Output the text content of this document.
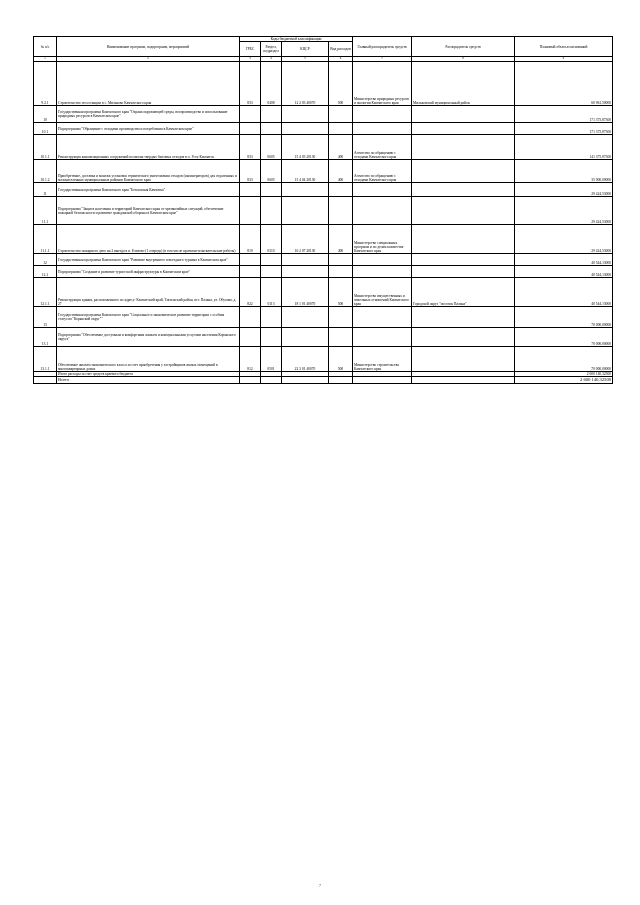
№ п/с	Наименование программ, подпрограмм, мероприятий	Коды бюджетной классификации				Главный распорядитель средств	Распорядитель средств	Плановый объем ассигнований
		ГРБС	Раздел, подраздел	КЦСР	Вид расходов			
1	2	3	4	5	6	7	8	9
9.2.1	Строительство лесостанции в с. Мильково Камчатского края	833	0408	12 2 03 40070	500	Министерство природных ресурсов и экологии Камчатского края	Мильковский муниципальный район	60 961,50000
10	Государственная программа Камчатского края "Охрана окружающей среды, воспроизводство и использование природных ресурсов в Камчатском крае"							171 375,87300
10.1	Подпрограмма "Обращение с отходами производства и потребления в Камчатском крае"							171 375,87300
10.1.1	Реконструкция канализационных сооружений полигона твердых бытовых отходов в п. Усть-Камчатск	833	0605	15 4 03 20130	400	Агентство по обращению с отходами Камчатского края		141 375,87300
10.1.2	Приобретение, доставка и монтаж установок термического уничтожения отходов (инсинераторов) для отдаленных и малонаселенных муниципальных районов Камчатского края	833	0605	15 4 04 20130	400	Агентство по обращению с отходами Камчатского края		35 000,00000
11	Государственная программа Камчатского края "Безопасная Камчатка"							29 424,53000
11.1	Подпрограмма "Защита населения и территорий Камчатского края от чрезвычайных ситуаций, обеспечение пожарной безопасности и развитие гражданской обороны в Камчатском крае"							29 424,53000
11.1.1	Строительство пожарного депо на 2 выезда в п. Елизово (1 очередь) (в том числе проектно-изыскательские работы)	810	0310	16 2 07 20130	400	Министерство специальных программ и по делам казачества Камчатского края		29 424,53000
12	Государственная программа Камчатского края "Развитие внутреннего и въездного туризма в Камчатском крае"							40 544,13000
12.1	Подпрограмма "Создание и развитие туристской инфраструктуры в Камчатском крае"							40 544,13000
12.1.1	Реконструкция здания, расположенного по адресу: Камчатский край, Тигильский район, пгт. Палана, ул. Обухова, д. 27	822	0113	18 1 01 40070	500	Министерство имущественных и земельных отношений Камчатского края	Городской округ "поселок Палана"	40 544,13000
13	Государственная программа Камчатского края "Социальное и экономическое развитие территории с особым статусом "Корякский округ""							70 000,00000
13.1	Подпрограмма "Обеспечение доступным и комфортным жильем и коммунальными услугами населения Корякского округа"							70 000,00000
13.1.1	Обеспечение жильем экономического класса за счет приобретения у застройщиков жилых помещений в многоквартирных домах	812	0501	22 3 01 40070	500	Министерство строительства Камчатского края		70 000,00000
	Итого расходы за счет средств краевого бюджета							2 600 140,32500
	Всего							2 600 140,32500
7
